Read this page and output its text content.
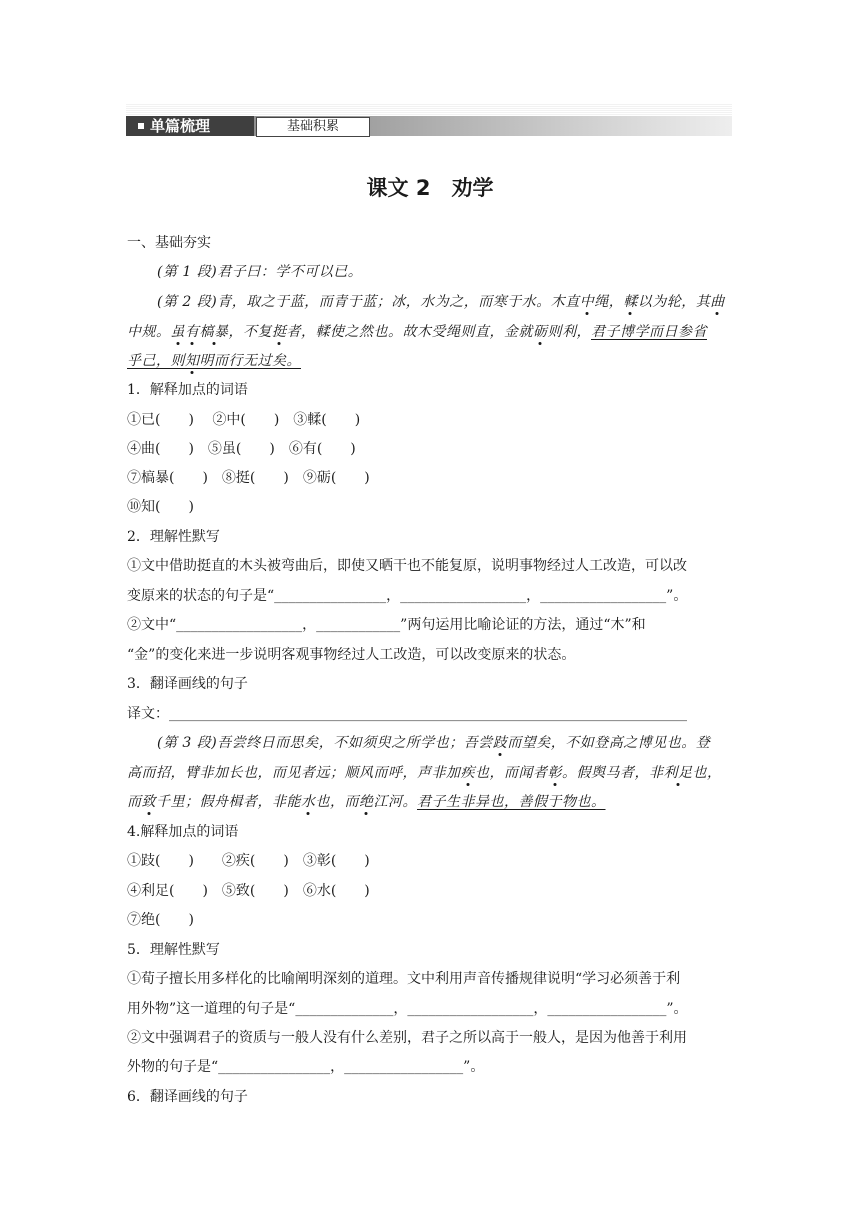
单篇梳理	基础积累
课文 2　劝学
一、基础夯实
(第 1 段)君子曰：学不可以已。
(第 2 段)青，取之于蓝，而青于蓝；冰，水为之，而寒于水。木直中绳，輮以为轮，其曲
中规。虽有槁暴，不复挺者，輮使之然也。故木受绳则直，金就砺则利，君子博学而日参省
乎己，则知明而行无过矣。
1．解释加点的词语
①已(　　)　 ②中(　　)　③輮(　　)
④曲(　　)　⑤虽(　　)　⑥有(　　)
⑦槁暴(　　)　⑧挺(　　)　⑨砺(　　)
⑩知(　　)
2．理解性默写
①文中借助挺直的木头被弯曲后，即使又晒干也不能复原，说明事物经过人工改造，可以改
变原来的状态的句子是“________________，__________________，__________________”。
②文中“__________________，____________”两句运用比喻论证的方法，通过“木”和
“金”的变化来进一步说明客观事物经过人工改造，可以改变原来的状态。
3．翻译画线的句子
译文：__________________________________________________________________________
(第 3 段)吾尝终日而思矣，不如须臾之所学也；吾尝跂而望矣，不如登高之博见也。登
高而招，臂非加长也，而见者远；顺风而呼，声非加疾也，而闻者彰。假舆马者，非利足也，
而致千里；假舟楫者，非能水也，而绝江河。君子生非异也，善假于物也。
4.解释加点的词语
①跂(　　)　　②疾(　　)　③彰(　　)
④利足(　　)　⑤致(　　)　⑥水(　　)
⑦绝(　　)
5．理解性默写
①荀子擅长用多样化的比喻阐明深刻的道理。文中利用声音传播规律说明“学习必须善于利
用外物”这一道理的句子是“______________，__________________，_________________”。
②文中强调君子的资质与一般人没有什么差别，君子之所以高于一般人，是因为他善于利用
外物的句子是“________________，_________________”。
6．翻译画线的句子
